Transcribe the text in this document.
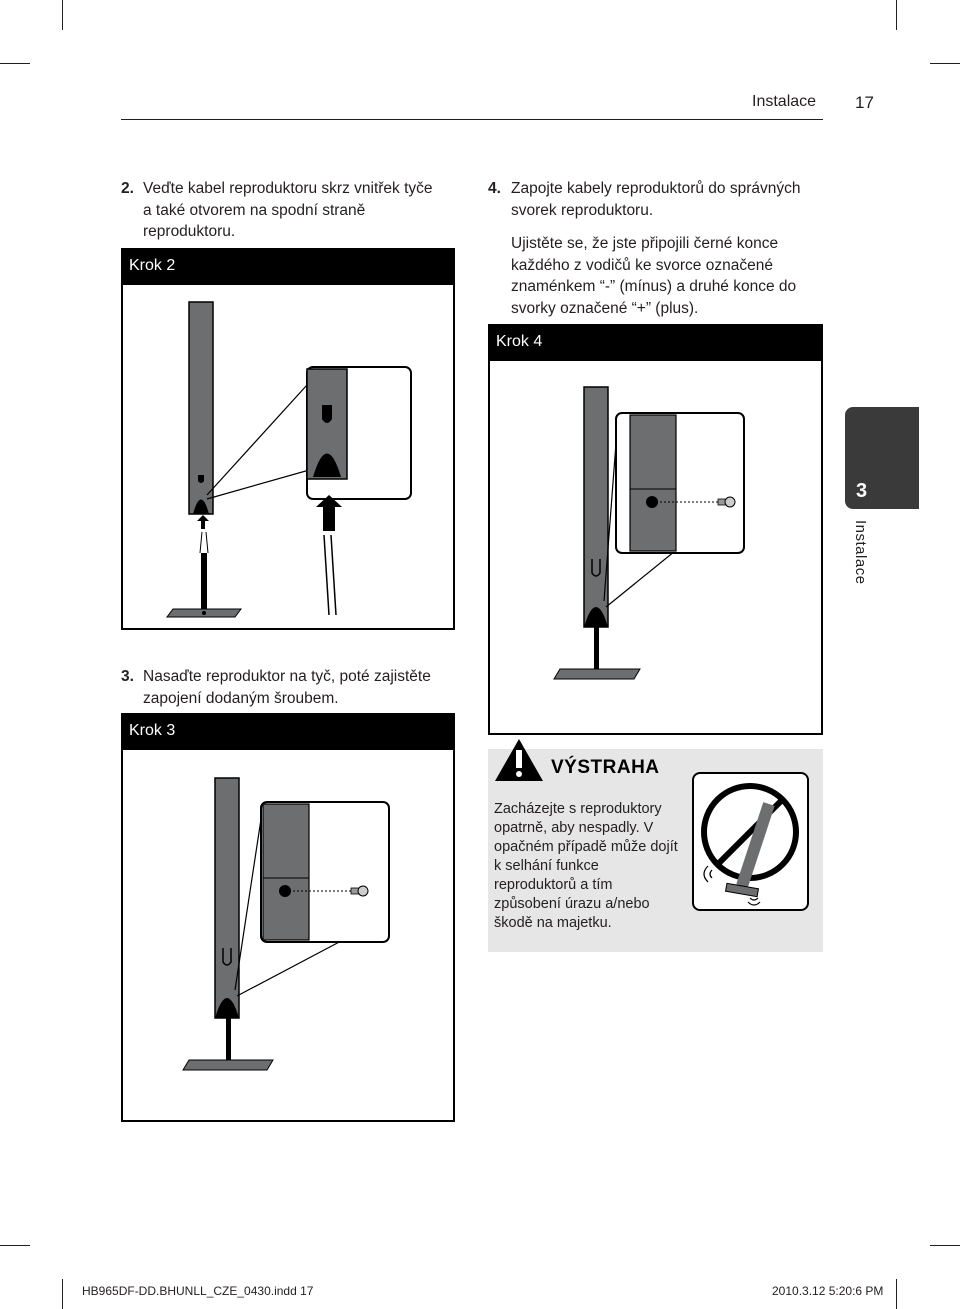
Instalace 17
2. Veďte kabel reproduktoru skrz vnitřek tyče a také otvorem na spodní straně reproduktoru.
Krok 2
3. Nasaďte reproduktor na tyč, poté zajistěte zapojení dodaným šroubem.
Krok 3
4. Zapojte kabely reproduktorů do správných svorek reproduktoru.
Ujistěte se, že jste připojili černé konce každého z vodičů ke svorce označené znaménkem “-” (mínus) a druhé konce do svorky označené “+” (plus).
Krok 4
3
Instalace
VÝSTRAHA
Zacházejte s reproduktory opatrně, aby nespadly. V opačném případě může dojít k selhání funkce reproduktorů a tím způsobení úrazu a/nebo škodě na majetku.
HB965DF-DD.BHUNLL_CZE_0430.indd 17	2010.3.12 5:20:6 PM
